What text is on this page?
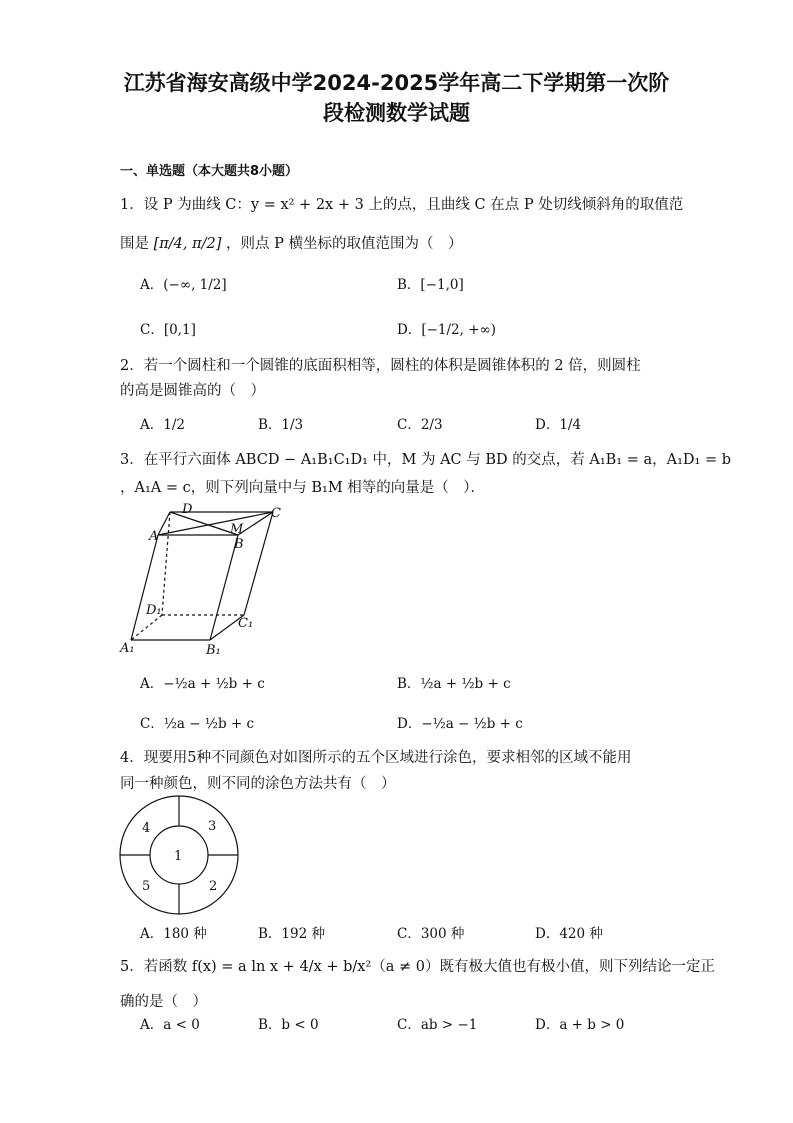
江苏省海安高级中学2024-2025学年高二下学期第一次阶
段检测数学试题
一、单选题（本大题共8小题）
1．设 P 为曲线 C：y = x² + 2x + 3 上的点，且曲线 C 在点 P 处切线倾斜角的取值范
围是 [π/4, π/2] ，则点 P 横坐标的取值范围为（　）
A．(−∞, 1/2]	B．[−1,0]
C．[0,1]	D．[−1/2, +∞)
2．若一个圆柱和一个圆锥的底面积相等，圆柱的体积是圆锥体积的 2 倍，则圆柱
的高是圆锥高的（　）
A．1/2	B．1/3	C．2/3	D．1/4
3．在平行六面体 ABCD − A₁B₁C₁D₁ 中，M 为 AC 与 BD 的交点，若 A₁B₁ = a，A₁D₁ = b
，A₁A = c，则下列向量中与 B₁M 相等的向量是（　）．
D	C
A	M
B
D₁
C₁
A₁	B₁
A．−½a + ½b + c	B．½a + ½b + c
C．½a − ½b + c	D．−½a − ½b + c
4．现要用5种不同颜色对如图所示的五个区域进行涂色，要求相邻的区域不能用
同一种颜色，则不同的涂色方法共有（　）
1
2
3
4
5
A．180 种	B．192 种	C．300 种	D．420 种
5．若函数 f(x) = a ln x + 4/x + b/x²（a ≠ 0）既有极大值也有极小值，则下列结论一定正
确的是（　）
A．a < 0	B．b < 0	C．ab > −1	D．a + b > 0
